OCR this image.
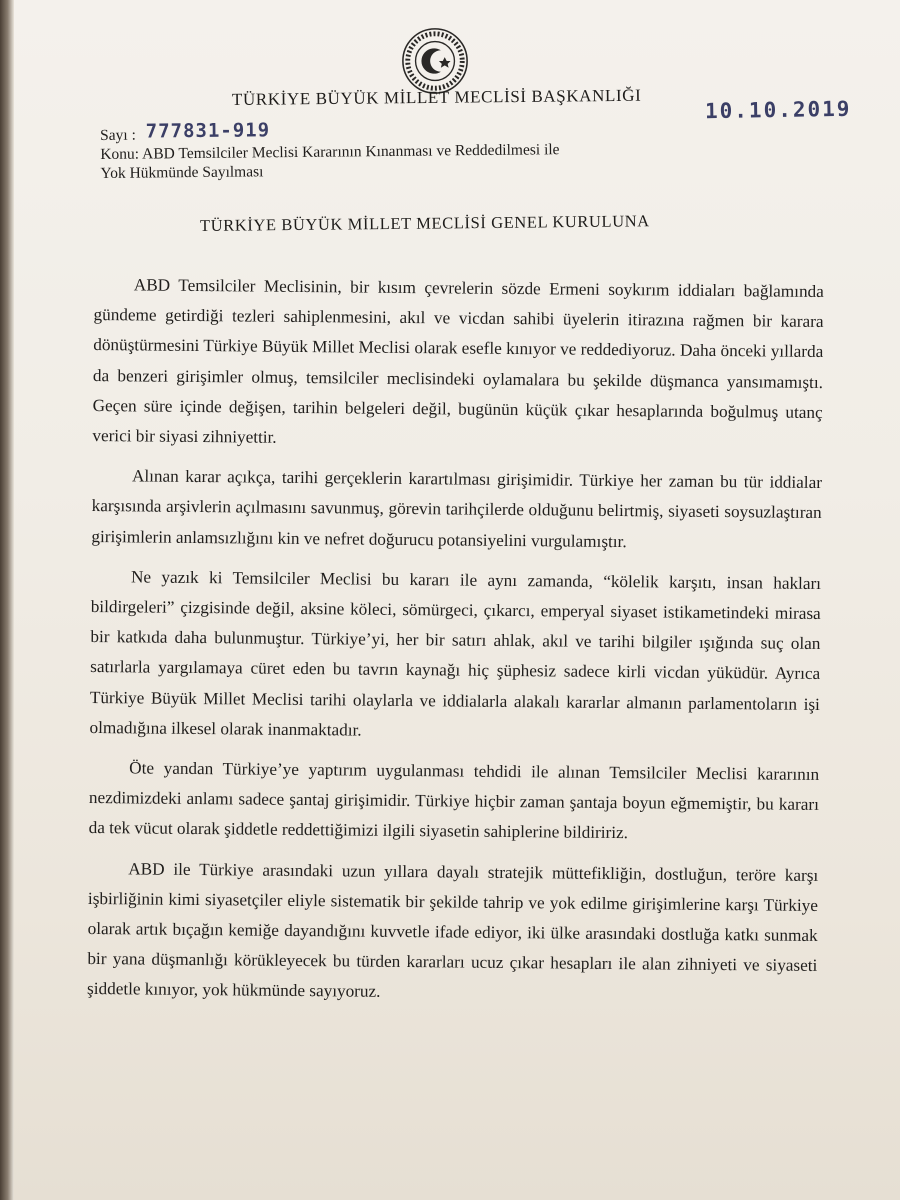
TÜRKİYE BÜYÜK MİLLET MECLİSİ BAŞKANLIĞI	10.10.2019
Sayı : 777831-919
Konu: ABD Temsilciler Meclisi Kararının Kınanması ve Reddedilmesi ile
Yok Hükmünde Sayılması
TÜRKİYE BÜYÜK MİLLET MECLİSİ GENEL KURULUNA

ABD Temsilciler Meclisinin, bir kısım çevrelerin sözde Ermeni soykırım iddiaları bağlamında gündeme getirdiği tezleri sahiplenmesini, akıl ve vicdan sahibi üyelerin itirazına rağmen bir karara dönüştürmesini Türkiye Büyük Millet Meclisi olarak esefle kınıyor ve reddediyoruz. Daha önceki yıllarda da benzeri girişimler olmuş, temsilciler meclisindeki oylamalara bu şekilde düşmanca yansımamıştı. Geçen süre içinde değişen, tarihin belgeleri değil, bugünün küçük çıkar hesaplarında boğulmuş utanç verici bir siyasi zihniyettir.

Alınan karar açıkça, tarihi gerçeklerin karartılması girişimidir. Türkiye her zaman bu tür iddialar karşısında arşivlerin açılmasını savunmuş, görevin tarihçilerde olduğunu belirtmiş, siyaseti soysuzlaştıran girişimlerin anlamsızlığını kin ve nefret doğurucu potansiyelini vurgulamıştır.

Ne yazık ki Temsilciler Meclisi bu kararı ile aynı zamanda, “kölelik karşıtı, insan hakları bildirgeleri” çizgisinde değil, aksine köleci, sömürgeci, çıkarcı, emperyal siyaset istikametindeki mirasa bir katkıda daha bulunmuştur. Türkiye’yi, her bir satırı ahlak, akıl ve tarihi bilgiler ışığında suç olan satırlarla yargılamaya cüret eden bu tavrın kaynağı hiç şüphesiz sadece kirli vicdan yüküdür. Ayrıca Türkiye Büyük Millet Meclisi tarihi olaylarla ve iddialarla alakalı kararlar almanın parlamentoların işi olmadığına ilkesel olarak inanmaktadır.

Öte yandan Türkiye’ye yaptırım uygulanması tehdidi ile alınan Temsilciler Meclisi kararının nezdimizdeki anlamı sadece şantaj girişimidir. Türkiye hiçbir zaman şantaja boyun eğmemiştir, bu kararı da tek vücut olarak şiddetle reddettiğimizi ilgili siyasetin sahiplerine bildiririz.

ABD ile Türkiye arasındaki uzun yıllara dayalı stratejik müttefikliğin, dostluğun, teröre karşı işbirliğinin kimi siyasetçiler eliyle sistematik bir şekilde tahrip ve yok edilme girişimlerine karşı Türkiye olarak artık bıçağın kemiğe dayandığını kuvvetle ifade ediyor, iki ülke arasındaki dostluğa katkı sunmak bir yana düşmanlığı körükleyecek bu türden kararları ucuz çıkar hesapları ile alan zihniyeti ve siyaseti şiddetle kınıyor, yok hükmünde sayıyoruz.
